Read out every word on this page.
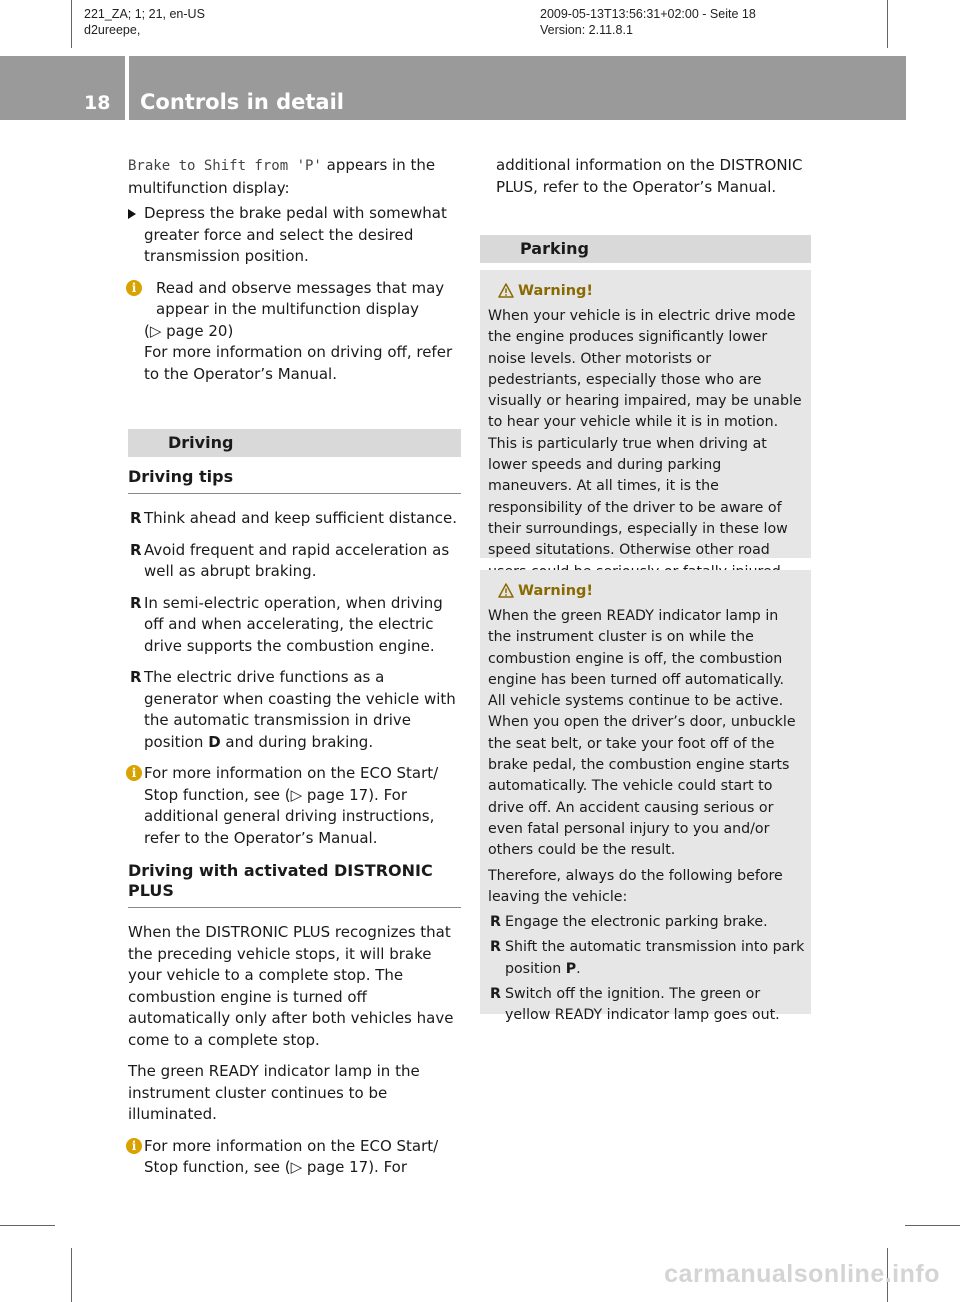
221_ZA; 1; 21, en-US
d2ureepe,
2009-05-13T13:56:31+02:00 - Seite 18
Version: 2.11.8.1
18 Controls in detail

Brake to Shift from 'P' appears in the
multifunction display:

Depress the brake pedal with somewhat greater force and select the desired transmission position.
i	Read and observe messages that may appear in the multifunction display
(▷ page 20)
For more information on driving off, refer to the Operator’s Manual.
Driving
Driving tips
R Think ahead and keep sufficient distance.
R Avoid frequent and rapid acceleration as well as abrupt braking.
R In semi-electric operation, when driving off and when accelerating, the electric drive supports the combustion engine.
R The electric drive functions as a generator when coasting the vehicle with the automatic transmission in drive position D and during braking.
i For more information on the ECO Start/ Stop function, see (▷ page 17). For additional general driving instructions, refer to the Operator’s Manual.
Driving with activated DISTRONIC PLUS

When the DISTRONIC PLUS recognizes that the preceding vehicle stops, it will brake your vehicle to a complete stop. The combustion engine is turned off automatically only after both vehicles have come to a complete stop.

The green READY indicator lamp in the instrument cluster continues to be illuminated.

i For more information on the ECO Start/ Stop function, see (▷ page 17). For

additional information on the DISTRONIC PLUS, refer to the Operator’s Manual.

Parking
Warning!

When your vehicle is in electric drive mode the engine produces significantly lower noise levels. Other motorists or pedestriants, especially those who are visually or hearing impaired, may be unable to hear your vehicle while it is in motion. This is particularly true when driving at lower speeds and during parking maneuvers. At all times, it is the responsibility of the driver to be aware of their surroundings, especially in these low speed situtations. Otherwise other road

Warning!

When the green READY indicator lamp in the instrument cluster is on while the combustion engine is off, the combustion engine has been turned off automatically. All vehicle systems continue to be active. When you open the driver’s door, unbuckle the seat belt, or take your foot off of the brake pedal, the combustion engine starts automatically. The vehicle could start to drive off. An accident causing serious or even fatal personal injury to you and/or others could be the result.

Therefore, always do the following before leaving the vehicle:

R Engage the electronic parking brake.
R Shift the automatic transmission into park position P.
R Switch off the ignition. The green or yellow READY indicator lamp goes out.
carmanualsonline.info
